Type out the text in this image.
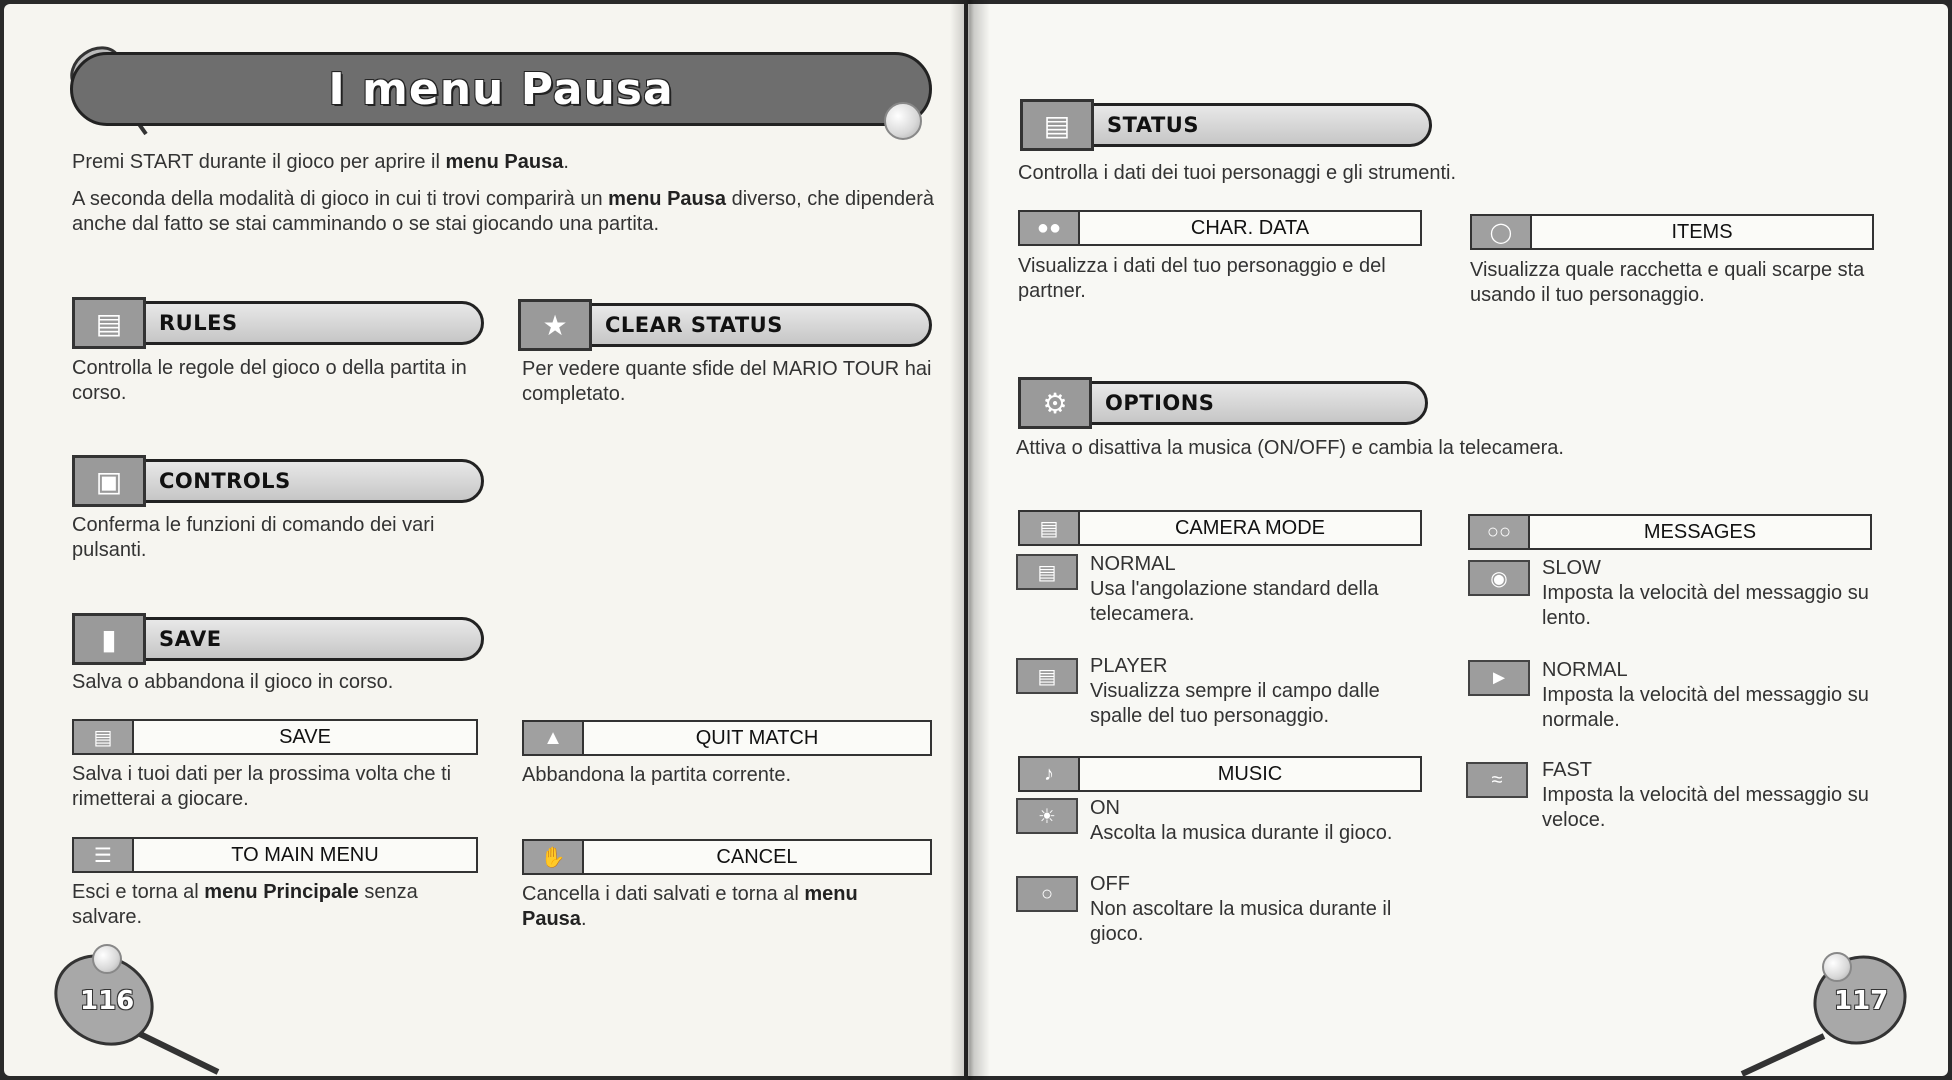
I menu Pausa

Premi START durante il gioco per aprire il menu Pausa.

A seconda della modalità di gioco in cui ti trovi comparirà un menu Pausa diverso, che dipenderà anche dal fatto se stai camminando o se stai giocando una partita.

▤	RULES

Controlla le regole del gioco o della partita in corso.

★	CLEAR STATUS

Per vedere quante sfide del MARIO TOUR hai completato.

▣	CONTROLS

Conferma le funzioni di comando dei vari pulsanti.

▮	SAVE

Salva o abbandona il gioco in corso.

▤	SAVE

Salva i tuoi dati per la prossima volta che ti rimetterai a giocare.

▲	QUIT MATCH

Abbandona la partita corrente.

☰	TO MAIN MENU

Esci e torna al menu Principale senza salvare.

✋	CANCEL

Cancella i dati salvati e torna al menu Pausa.

116
▤	STATUS

Controlla i dati dei tuoi personaggi e gli strumenti.

●●	CHAR. DATA

Visualizza i dati del tuo personaggio e del partner.

◯	ITEMS

Visualizza quale racchetta e quali scarpe sta usando il tuo personaggio.

⚙	OPTIONS

Attiva o disattiva la musica (ON/OFF) e cambia la telecamera.

▤	CAMERA MODE
▤	NORMAL
Usa l'angolazione standard della telecamera.
▤	PLAYER
Visualizza sempre il campo dalle spalle del tuo personaggio.
♪	MUSIC
☀	ON
Ascolta la musica durante il gioco.
○	OFF
Non ascoltare la musica durante il gioco.
○○	MESSAGES
◉	SLOW
Imposta la velocità del messaggio su lento.
►	NORMAL
Imposta la velocità del messaggio su normale.
≈	FAST
Imposta la velocità del messaggio su veloce.
117
